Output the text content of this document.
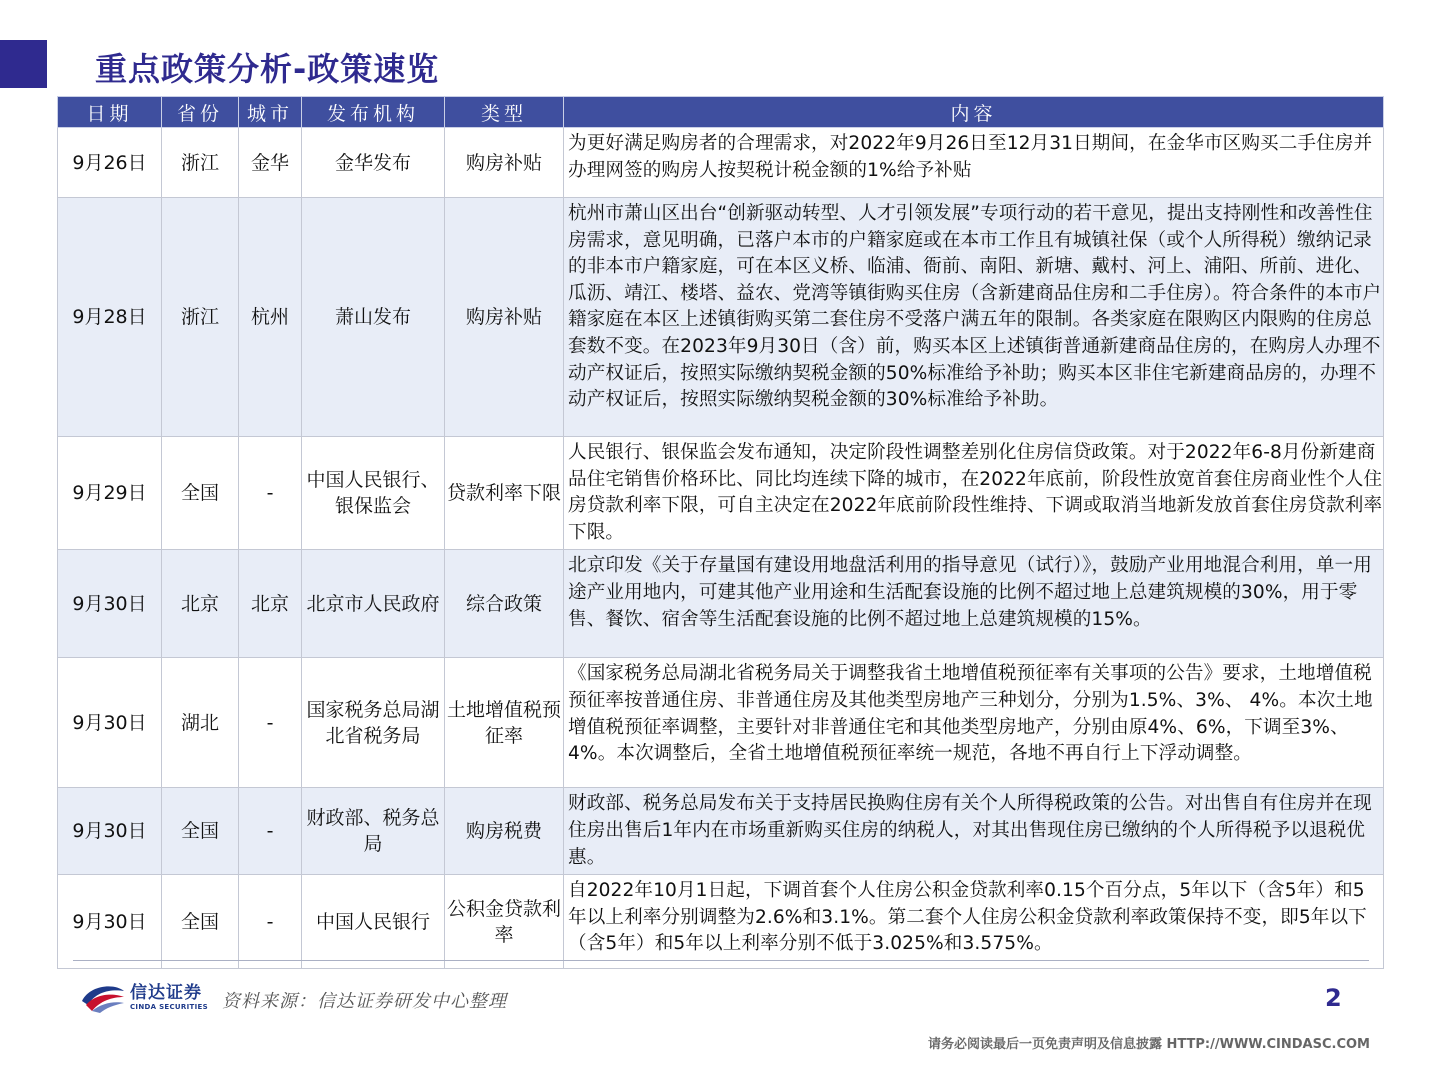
重点政策分析-政策速览
日期	省份	城市	发布机构	类型	内容
9月26日	浙江	金华	金华发布	购房补贴	为更好满足购房者的合理需求，对2022年9月26日至12月31日期间，在金华市区购买二手住房并办理网签的购房人按契税计税金额的1%给予补贴
9月28日	浙江	杭州	萧山发布	购房补贴	杭州市萧山区出台“创新驱动转型、人才引领发展”专项行动的若干意见，提出支持刚性和改善性住房需求，意见明确，已落户本市的户籍家庭或在本市工作且有城镇社保（或个人所得税）缴纳记录的非本市户籍家庭，可在本区义桥、临浦、衙前、南阳、新塘、戴村、河上、浦阳、所前、进化、瓜沥、靖江、楼塔、益农、党湾等镇街购买住房（含新建商品住房和二手住房）。符合条件的本市户籍家庭在本区上述镇街购买第二套住房不受落户满五年的限制。各类家庭在限购区内限购的住房总套数不变。在2023年9月30日（含）前，购买本区上述镇街普通新建商品住房的，在购房人办理不动产权证后，按照实际缴纳契税金额的50%标准给予补助；购买本区非住宅新建商品房的，办理不动产权证后，按照实际缴纳契税金额的30%标准给予补助。
9月29日	全国	-	中国人民银行、银保监会	贷款利率下限	人民银行、银保监会发布通知，决定阶段性调整差别化住房信贷政策。对于2022年6-8月份新建商品住宅销售价格环比、同比均连续下降的城市，在2022年底前，阶段性放宽首套住房商业性个人住房贷款利率下限，可自主决定在2022年底前阶段性维持、下调或取消当地新发放首套住房贷款利率下限。
9月30日	北京	北京	北京市人民政府	综合政策	北京印发《关于存量国有建设用地盘活利用的指导意见（试行）》，鼓励产业用地混合利用，单一用途产业用地内，可建其他产业用途和生活配套设施的比例不超过地上总建筑规模的30%，用于零售、餐饮、宿舍等生活配套设施的比例不超过地上总建筑规模的15%。
9月30日	湖北	-	国家税务总局湖北省税务局	土地增值税预征率	《国家税务总局湖北省税务局关于调整我省土地增值税预征率有关事项的公告》要求，土地增值税预征率按普通住房、非普通住房及其他类型房地产三种划分，分别为1.5%、3%、 4%。本次土地增值税预征率调整，主要针对非普通住宅和其他类型房地产，分别由原4%、6%，下调至3%、4%。本次调整后，全省土地增值税预征率统一规范，各地不再自行上下浮动调整。
9月30日	全国	-	财政部、税务总局	购房税费	财政部、税务总局发布关于支持居民换购住房有关个人所得税政策的公告。对出售自有住房并在现住房出售后1年内在市场重新购买住房的纳税人，对其出售现住房已缴纳的个人所得税予以退税优惠。
9月30日	全国	-	中国人民银行	公积金贷款利率	自2022年10月1日起，下调首套个人住房公积金贷款利率0.15个百分点，5年以下（含5年）和5年以上利率分别调整为2.6%和3.1%。第二套个人住房公积金贷款利率政策保持不变，即5年以下（含5年）和5年以上利率分别不低于3.025%和3.575%。
信达证券
CINDA SECURITIES 资料来源：信达证券研发中心整理	2
请务必阅读最后一页免责声明及信息披露 HTTP://WWW.CINDASC.COM
